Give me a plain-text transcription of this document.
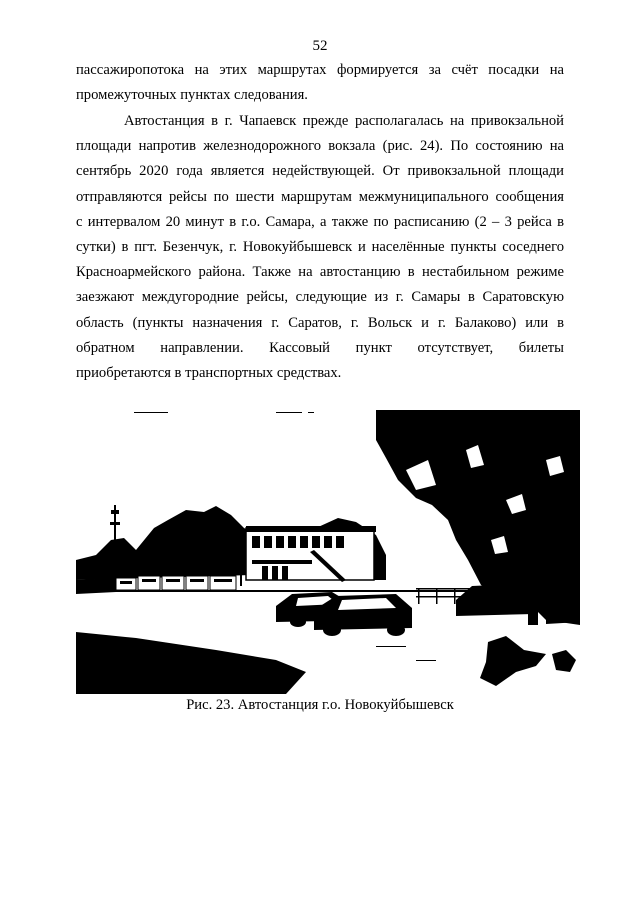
52
пассажиропотока на этих маршрутах формируется за счёт посадки на
промежуточных пунктах следования.
Автостанция в г. Чапаевск прежде располагалась на привокзальной
площади напротив железнодорожного вокзала (рис. 24). По состоянию на
сентябрь 2020 года является недействующей. От привокзальной площади
отправляются рейсы по шести маршрутам межмуниципального сообщения
с интервалом 20 минут в г.о. Самара, а также по расписанию (2 – 3 рейса в
сутки) в пгт. Безенчук, г. Новокуйбышевск и населённые пункты соседнего
Красноармейского района. Также на автостанцию в нестабильном режиме
заезжают междугородние рейсы, следующие из г. Самары в Саратовскую
область (пункты назначения г. Саратов, г. Вольск и г. Балаково) или в
обратном направлении. Кассовый пункт отсутствует, билеты
приобретаются в транспортных средствах.
Рис. 23. Автостанция г.о. Новокуйбышевск
